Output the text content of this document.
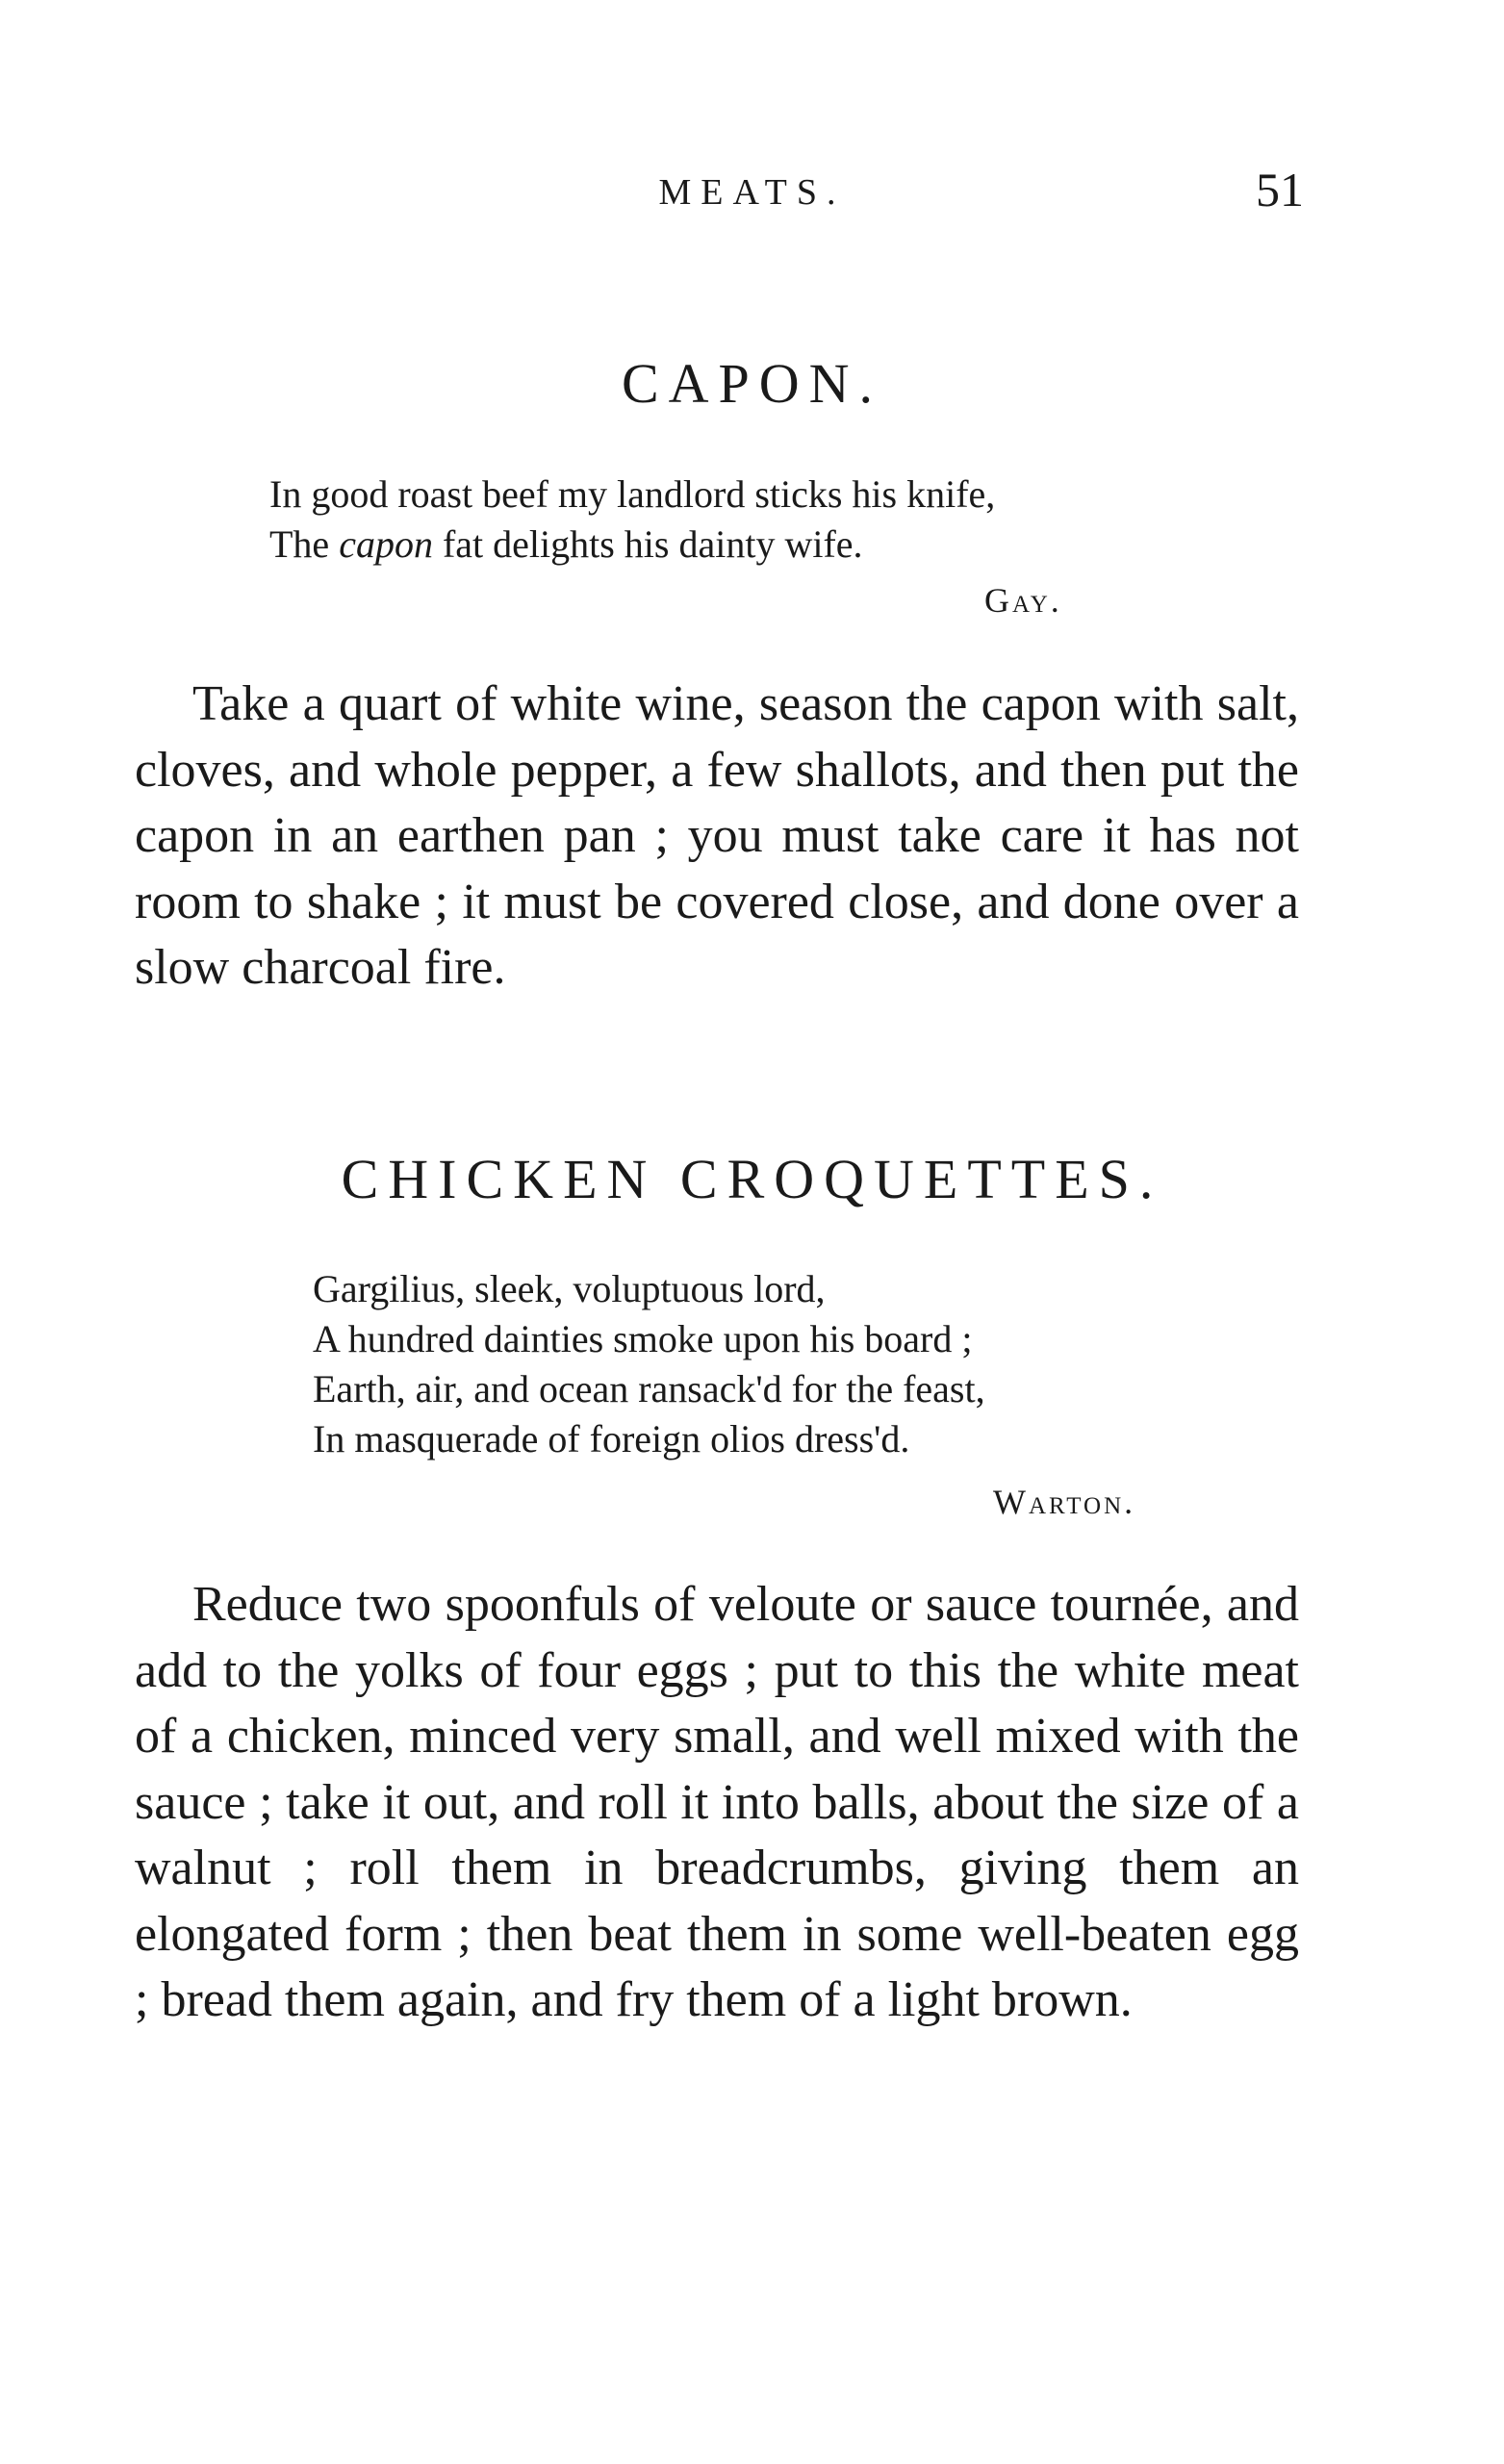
MEATS.	51
CAPON.
In good roast beef my landlord sticks his knife,
The capon fat delights his dainty wife.
Gay.
Take a quart of white wine, season the capon with salt, cloves, and whole pepper, a few shallots, and then put the capon in an earthen pan ; you must take care it has not room to shake ; it must be covered close, and done over a slow charcoal fire.
CHICKEN CROQUETTES.
Gargilius, sleek, voluptuous lord,
A hundred dainties smoke upon his board ;
Earth, air, and ocean ransack'd for the feast,
In masquerade of foreign olios dress'd.
Warton.
Reduce two spoonfuls of veloute or sauce tournée, and add to the yolks of four eggs ; put to this the white meat of a chicken, minced very small, and well mixed with the sauce ; take it out, and roll it into balls, about the size of a walnut ; roll them in breadcrumbs, giving them an elongated form ; then beat them in some well-beaten egg ; bread them again, and fry them of a light brown.
